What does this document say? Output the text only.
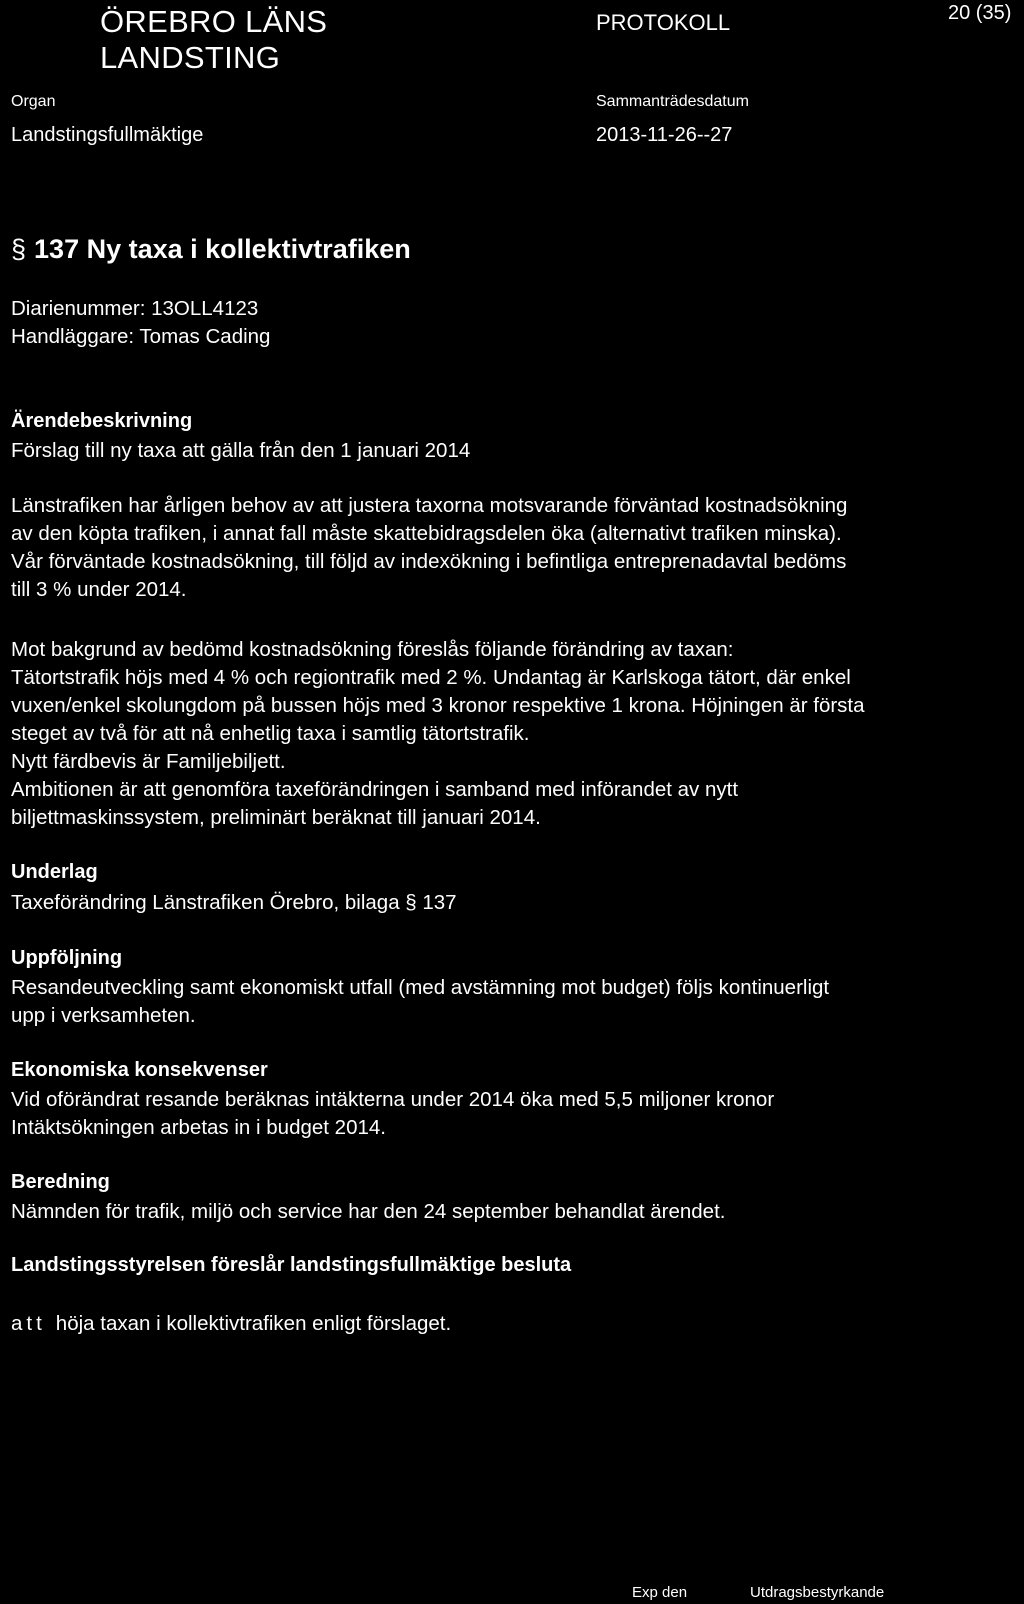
ÖREBRO LÄNS
LANDSTING
PROTOKOLL	20 (35)
Organ
Landstingsfullmäktige
Sammanträdesdatum
2013-11-26--27
§ 137 Ny taxa i kollektivtrafiken
Diarienummer: 13OLL4123
Handläggare: Tomas Cading
Ärendebeskrivning

Förslag till ny taxa att gälla från den 1 januari 2014

Länstrafiken har årligen behov av att justera taxorna motsvarande förväntad kostnadsökning

av den köpta trafiken, i annat fall måste skattebidragsdelen öka (alternativt trafiken minska).

Vår förväntade kostnadsökning, till följd av indexökning i befintliga entreprenadavtal bedöms

till 3 % under 2014.

Mot bakgrund av bedömd kostnadsökning föreslås följande förändring av taxan:

Tätortstrafik höjs med 4 % och regiontrafik med 2 %. Undantag är Karlskoga tätort, där enkel

vuxen/enkel skolungdom på bussen höjs med 3 kronor respektive 1 krona. Höjningen är första

steget av två för att nå enhetlig taxa i samtlig tätortstrafik.

Nytt färdbevis är Familjebiljett.

Ambitionen är att genomföra taxeförändringen i samband med införandet av nytt

biljettmaskinssystem, preliminärt beräknat till januari 2014.

Underlag

Taxeförändring Länstrafiken Örebro, bilaga § 137

Uppföljning

Resandeutveckling samt ekonomiskt utfall (med avstämning mot budget) följs kontinuerligt

upp i verksamheten.

Ekonomiska konsekvenser

Vid oförändrat resande beräknas intäkterna under 2014 öka med 5,5 miljoner kronor

Intäktsökningen arbetas in i budget 2014.

Beredning

Nämnden för trafik, miljö och service har den 24 september behandlat ärendet.

Landstingsstyrelsen föreslår landstingsfullmäktige besluta
att höja taxan i kollektivtrafiken enligt förslaget.
Exp den	Utdragsbestyrkande
